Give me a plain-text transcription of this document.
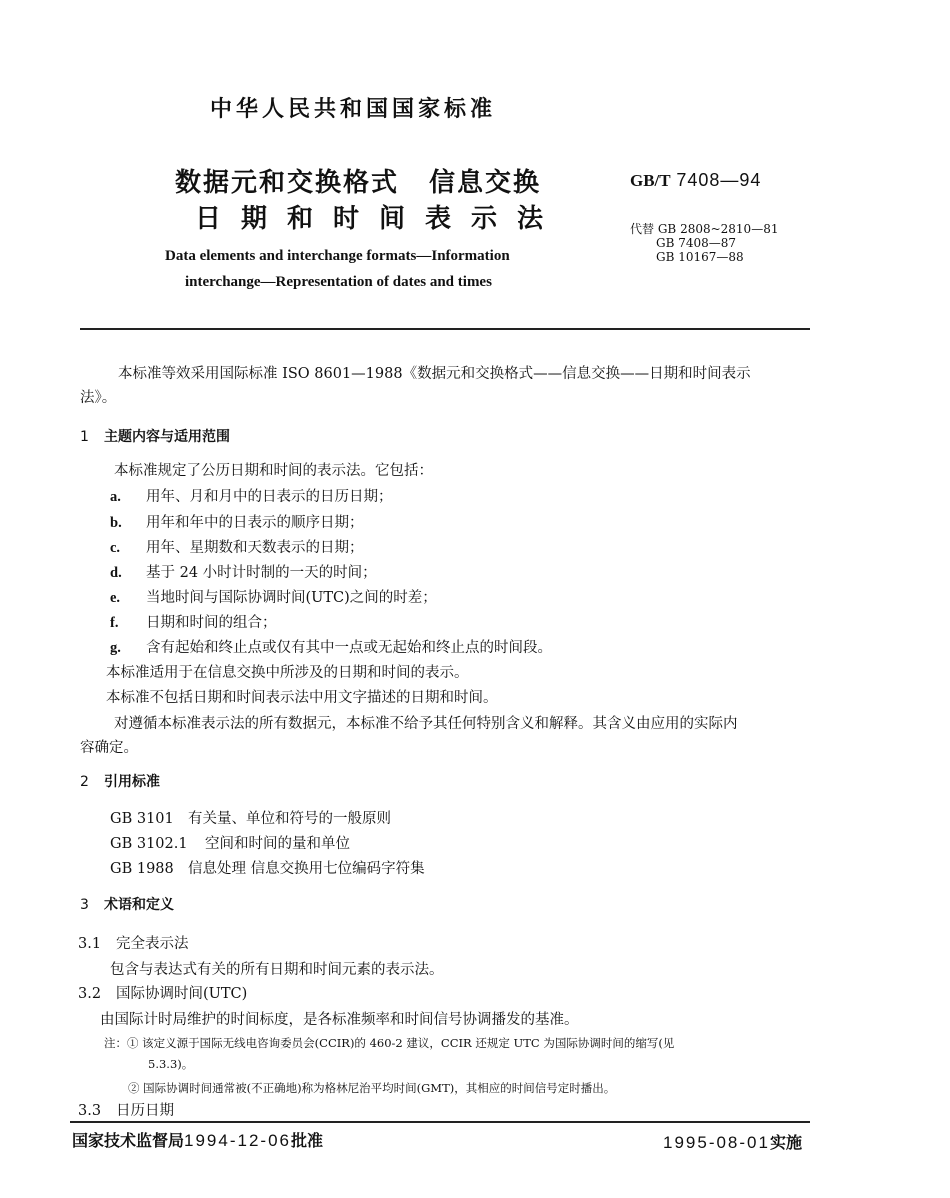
中华人民共和国国家标准
数据元和交换格式 信息交换
日期和时间表示法
GB/T 7408—94
代替 GB 2808~2810—81
GB 7408—87
GB 10167—88
Data elements and interchange formats—Information
interchange—Representation of dates and times
本标准等效采用国际标准 ISO 8601—1988《数据元和交换格式——信息交换——日期和时间表示
法》。
1 主题内容与适用范围
本标准规定了公历日期和时间的表示法。它包括：
a. 用年、月和月中的日表示的日历日期；
b. 用年和年中的日表示的顺序日期；
c. 用年、星期数和天数表示的日期；
d. 基于 24 小时计时制的一天的时间；
e. 当地时间与国际协调时间(UTC)之间的时差；
f. 日期和时间的组合；
g. 含有起始和终止点或仅有其中一点或无起始和终止点的时间段。
本标准适用于在信息交换中所涉及的日期和时间的表示。
本标准不包括日期和时间表示法中用文字描述的日期和时间。
对遵循本标准表示法的所有数据元，本标准不给予其任何特别含义和解释。其含义由应用的实际内
容确定。
2 引用标准
GB 3101 有关量、单位和符号的一般原则
GB 3102.1 空间和时间的量和单位
GB 1988 信息处理 信息交换用七位编码字符集
3 术语和定义
3.1 完全表示法
包含与表达式有关的所有日期和时间元素的表示法。
3.2 国际协调时间(UTC)
由国际计时局维护的时间标度，是各标准频率和时间信号协调播发的基准。
注：① 该定义源于国际无线电咨询委员会(CCIR)的 460-2 建议，CCIR 还规定 UTC 为国际协调时间的缩写(见
5.3.3)。
② 国际协调时间通常被(不正确地)称为格林尼治平均时间(GMT)，其相应的时间信号定时播出。
3.3 日历日期
国家技术监督局1994-12-06批准	1995-08-01实施
